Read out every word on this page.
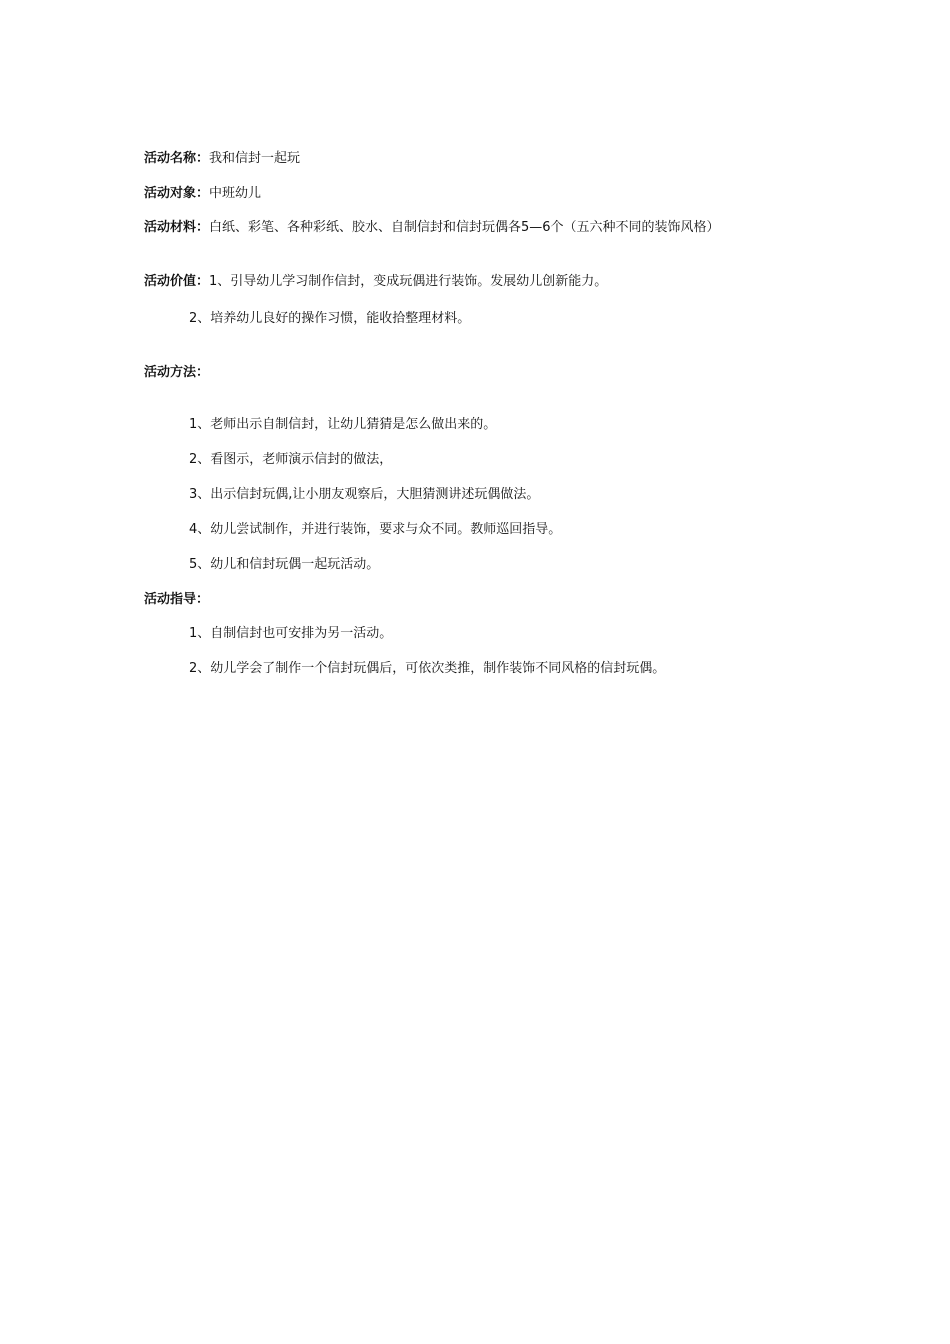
活动名称：我和信封一起玩
活动对象：中班幼儿
活动材料：白纸、彩笔、各种彩纸、胶水、自制信封和信封玩偶各5—6个（五六种不同的装饰风格）
活动价值：1、引导幼儿学习制作信封，变成玩偶进行装饰。发展幼儿创新能力。
2、培养幼儿良好的操作习惯，能收拾整理材料。
活动方法：
1、老师出示自制信封，让幼儿猜猜是怎么做出来的。
2、看图示，老师演示信封的做法，
3、出示信封玩偶,让小朋友观察后，大胆猜测讲述玩偶做法。
4、幼儿尝试制作，并进行装饰，要求与众不同。教师巡回指导。
5、幼儿和信封玩偶一起玩活动。
活动指导：
1、自制信封也可安排为另一活动。
2、幼儿学会了制作一个信封玩偶后，可依次类推，制作装饰不同风格的信封玩偶。
